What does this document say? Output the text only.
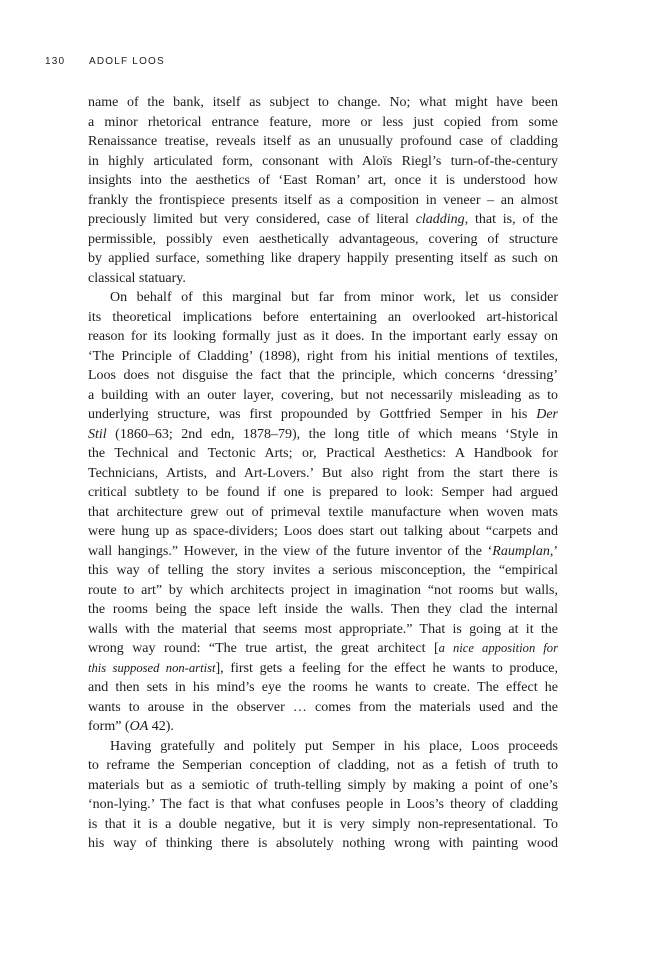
130 ADOLF LOOS

name of the bank, itself as subject to change. No; what might have been
a minor rhetorical entrance feature, more or less just copied from some
Renaissance treatise, reveals itself as an unusually profound case of cladding
in highly articulated form, consonant with Aloïs Riegl’s turn-of-the-century
insights into the aesthetics of ‘East Roman’ art, once it is understood how
frankly the frontispiece presents itself as a composition in veneer – an almost
preciously limited but very considered, case of literal cladding, that is, of the
permissible, possibly even aesthetically advantageous, covering of structure
by applied surface, something like drapery happily presenting itself as such on
classical statuary.

On behalf of this marginal but far from minor work, let us consider
its theoretical implications before entertaining an overlooked art-historical
reason for its looking formally just as it does. In the important early essay on
‘The Principle of Cladding’ (1898), right from his initial mentions of textiles,
Loos does not disguise the fact that the principle, which concerns ‘dressing’
a building with an outer layer, covering, but not necessarily misleading as to
underlying structure, was first propounded by Gottfried Semper in his Der
Stil (1860–63; 2nd edn, 1878–79), the long title of which means ‘Style in
the Technical and Tectonic Arts; or, Practical Aesthetics: A Handbook for
Technicians, Artists, and Art-Lovers.’ But also right from the start there is
critical subtlety to be found if one is prepared to look: Semper had argued
that architecture grew out of primeval textile manufacture when woven mats
were hung up as space-dividers; Loos does start out talking about “carpets and
wall hangings.” However, in the view of the future inventor of the ‘Raumplan,’
this way of telling the story invites a serious misconception, the “empirical
route to art” by which architects project in imagination “not rooms but walls,
the rooms being the space left inside the walls. Then they clad the internal
walls with the material that seems most appropriate.” That is going at it the
wrong way round: “The true artist, the great architect [a nice apposition for
this supposed non-artist], first gets a feeling for the effect he wants to produce,
and then sets in his mind’s eye the rooms he wants to create. The effect he
wants to arouse in the observer … comes from the materials used and the
form” (OA 42).

Having gratefully and politely put Semper in his place, Loos proceeds
to reframe the Semperian conception of cladding, not as a fetish of truth to
materials but as a semiotic of truth-telling simply by making a point of one’s
‘non-lying.’ The fact is that what confuses people in Loos’s theory of cladding
is that it is a double negative, but it is very simply non-representational. To
his way of thinking there is absolutely nothing wrong with painting wood
